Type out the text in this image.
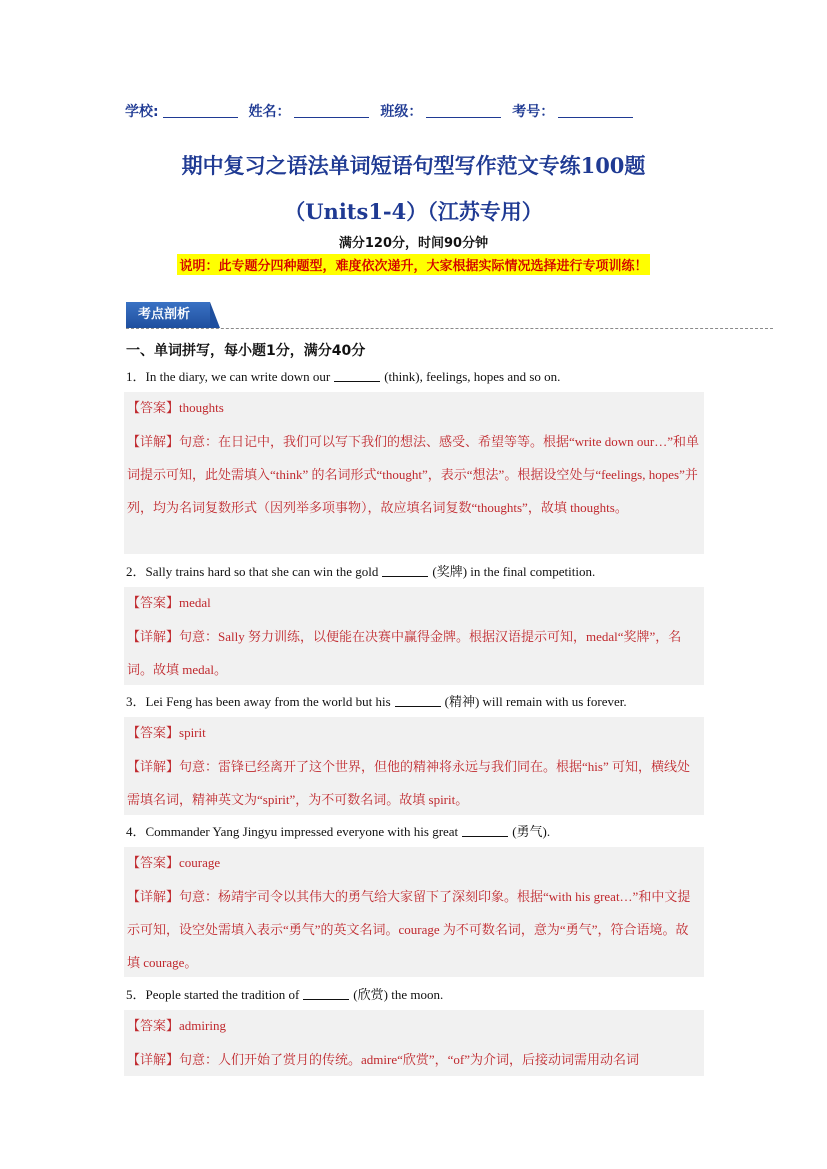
学校:	姓名：	班级：	考号：
期中复习之语法单词短语句型写作范文专练100题
（Units1-4）（江苏专用）
满分120分，时间90分钟
说明：此专题分四种题型，难度依次递升，大家根据实际情况选择进行专项训练！
考点剖析
一、单词拼写，每小题1分，满分40分
1．In the diary, we can write down our	(think), feelings, hopes and so on.
【答案】thoughts
【详解】句意：在日记中，我们可以写下我们的想法、感受、希望等等。根据“write down our…”和单词提示可知，此处需填入“think” 的名词形式“thought”，表示“想法”。根据设空处与“feelings, hopes”并列，均为名词复数形式（因列举多项事物），故应填名词复数“thoughts”，故填 thoughts。
2．Sally trains hard so that she can win the gold	(奖牌) in the final competition.
【答案】medal
【详解】句意：Sally 努力训练，以便能在决赛中赢得金牌。根据汉语提示可知，medal“奖牌”，名词。故填 medal。
3．Lei Feng has been away from the world but his	(精神) will remain with us forever.
【答案】spirit
【详解】句意：雷锋已经离开了这个世界，但他的精神将永远与我们同在。根据“his” 可知，横线处需填名词，精神英文为“spirit”，为不可数名词。故填 spirit。
4．Commander Yang Jingyu impressed everyone with his great	(勇气).
【答案】courage
【详解】句意：杨靖宇司令以其伟大的勇气给大家留下了深刻印象。根据“with his great…”和中文提示可知，设空处需填入表示“勇气”的英文名词。courage 为不可数名词，意为“勇气”，符合语境。故填 courage。
5．People started the tradition of	(欣赏) the moon.
【答案】admiring
【详解】句意：人们开始了赏月的传统。admire“欣赏”，“of”为介词，后接动词需用动名词
